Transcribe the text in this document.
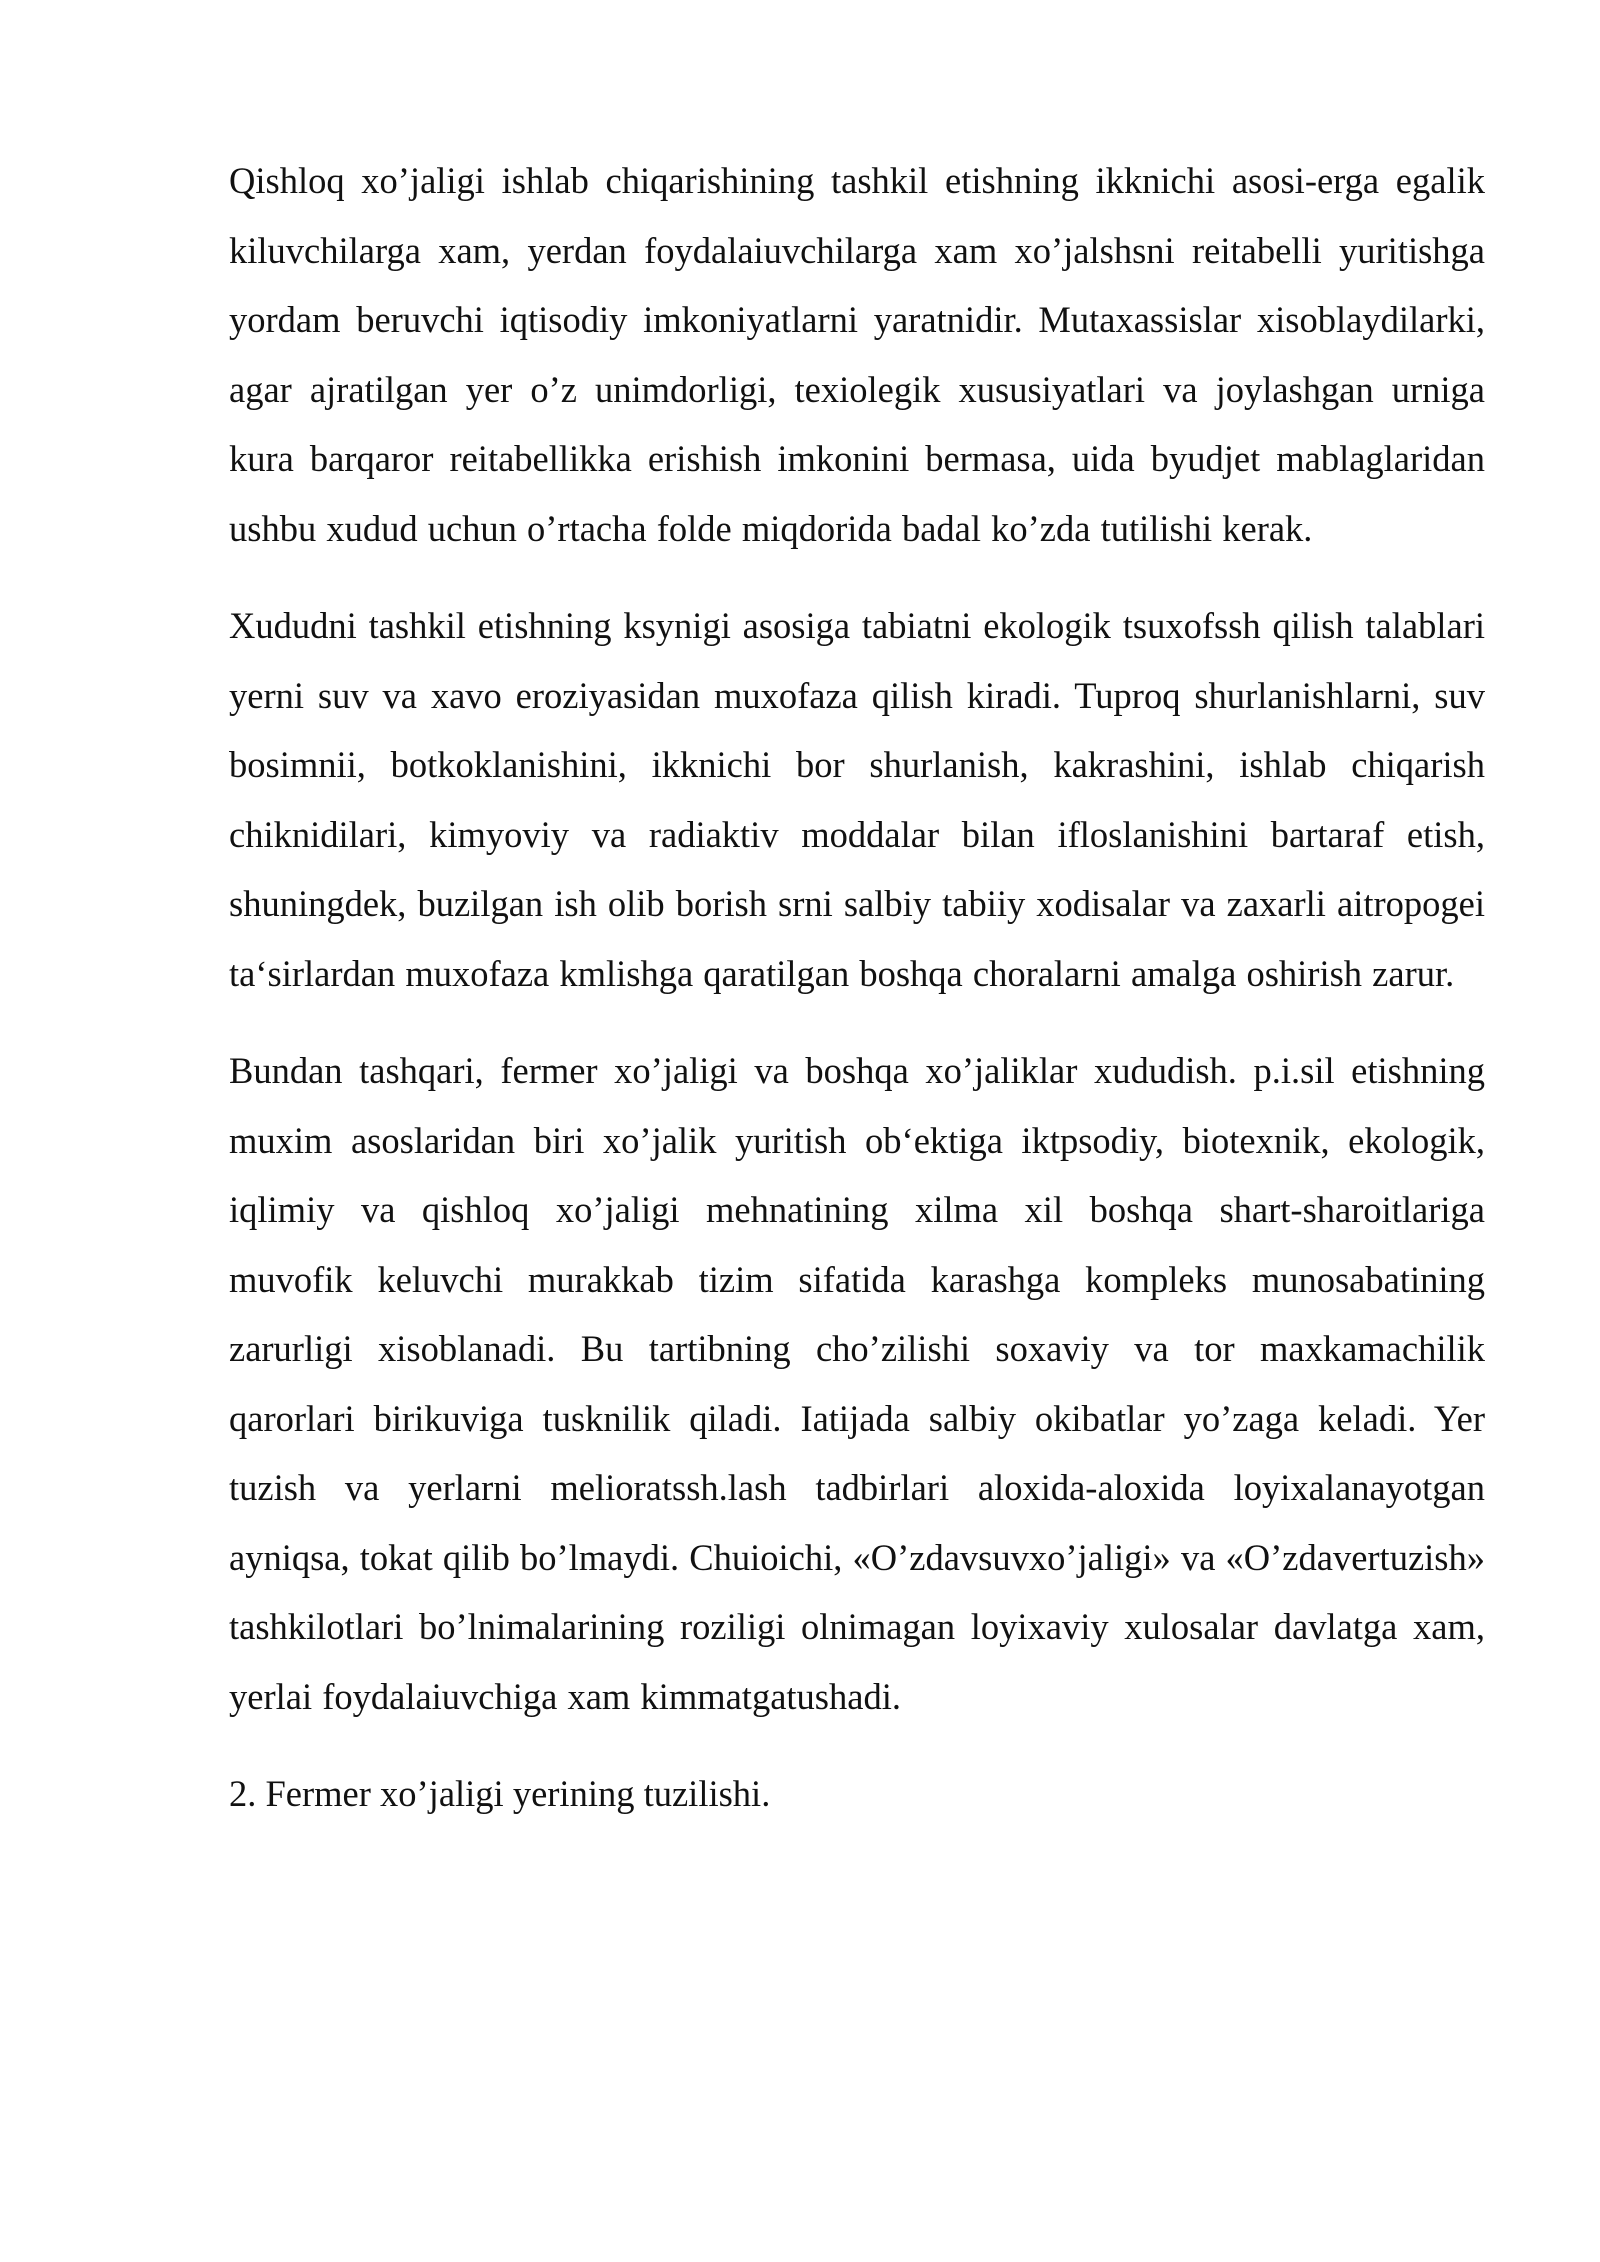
Qishloq xo’jaligi ishlab chiqarishining tashkil etishning ikknichi asosi-erga egalik kiluvchilarga xam, yerdan foydalaiuvchilarga xam xo’jalshsni reitabelli yuritishga yordam beruvchi iqtisodiy imkoniyatlarni yaratnidir. Mutaxassislar xisoblaydilarki, agar ajratilgan yer o’z unimdorligi, texiolegik xususiyatlari va joylashgan urniga kura barqaror reitabellikka erishish imkonini bermasa, uida byudjet mablaglaridan ushbu xudud uchun o’rtacha folde miqdorida badal ko’zda tutilishi kerak.

Xududni tashkil etishning ksynigi asosiga tabiatni ekologik tsuxofssh qilish talablari yerni suv va xavo eroziyasidan muxofaza qilish kiradi. Tuproq shurlanishlarni, suv bosimnii, botkoklanishini, ikknichi bor shurlanish, kakrashini, ishlab chiqarish chiknidilari, kimyoviy va radiaktiv moddalar bilan ifloslanishini bartaraf etish, shuningdek, buzilgan ish olib borish srni salbiy tabiiy xodisalar va zaxarli aitropogei ta‘sirlardan muxofaza kmlishga qaratilgan boshqa choralarni amalga oshirish zarur.

Bundan tashqari, fermer xo’jaligi va boshqa xo’jaliklar xududish. p.i.sil etishning muxim asoslaridan biri xo’jalik yuritish ob‘ektiga iktpsodiy, biotexnik, ekologik, iqlimiy va qishloq xo’jaligi mehnatining xilma xil boshqa shart-sharoitlariga muvofik keluvchi murakkab tizim sifatida karashga kompleks munosabatining zarurligi xisoblanadi. Bu tartibning cho’zilishi soxaviy va tor maxkamachilik qarorlari birikuviga tusknilik qiladi. Iatijada salbiy okibatlar yo’zaga keladi. Yer tuzish va yerlarni melioratssh.lash tadbirlari aloxida-aloxida loyixalanayotgan ayniqsa, tokat qilib bo’lmaydi. Chuioichi, «O’zdavsuvxo’jaligi» va «O’zdavertuzish» tashkilotlari bo’lnimalarining roziligi olnimagan loyixaviy xulosalar davlatga xam, yerlai foydalaiuvchiga xam kimmatgatushadi.

2. Fermer xo’jaligi yerining tuzilishi.
